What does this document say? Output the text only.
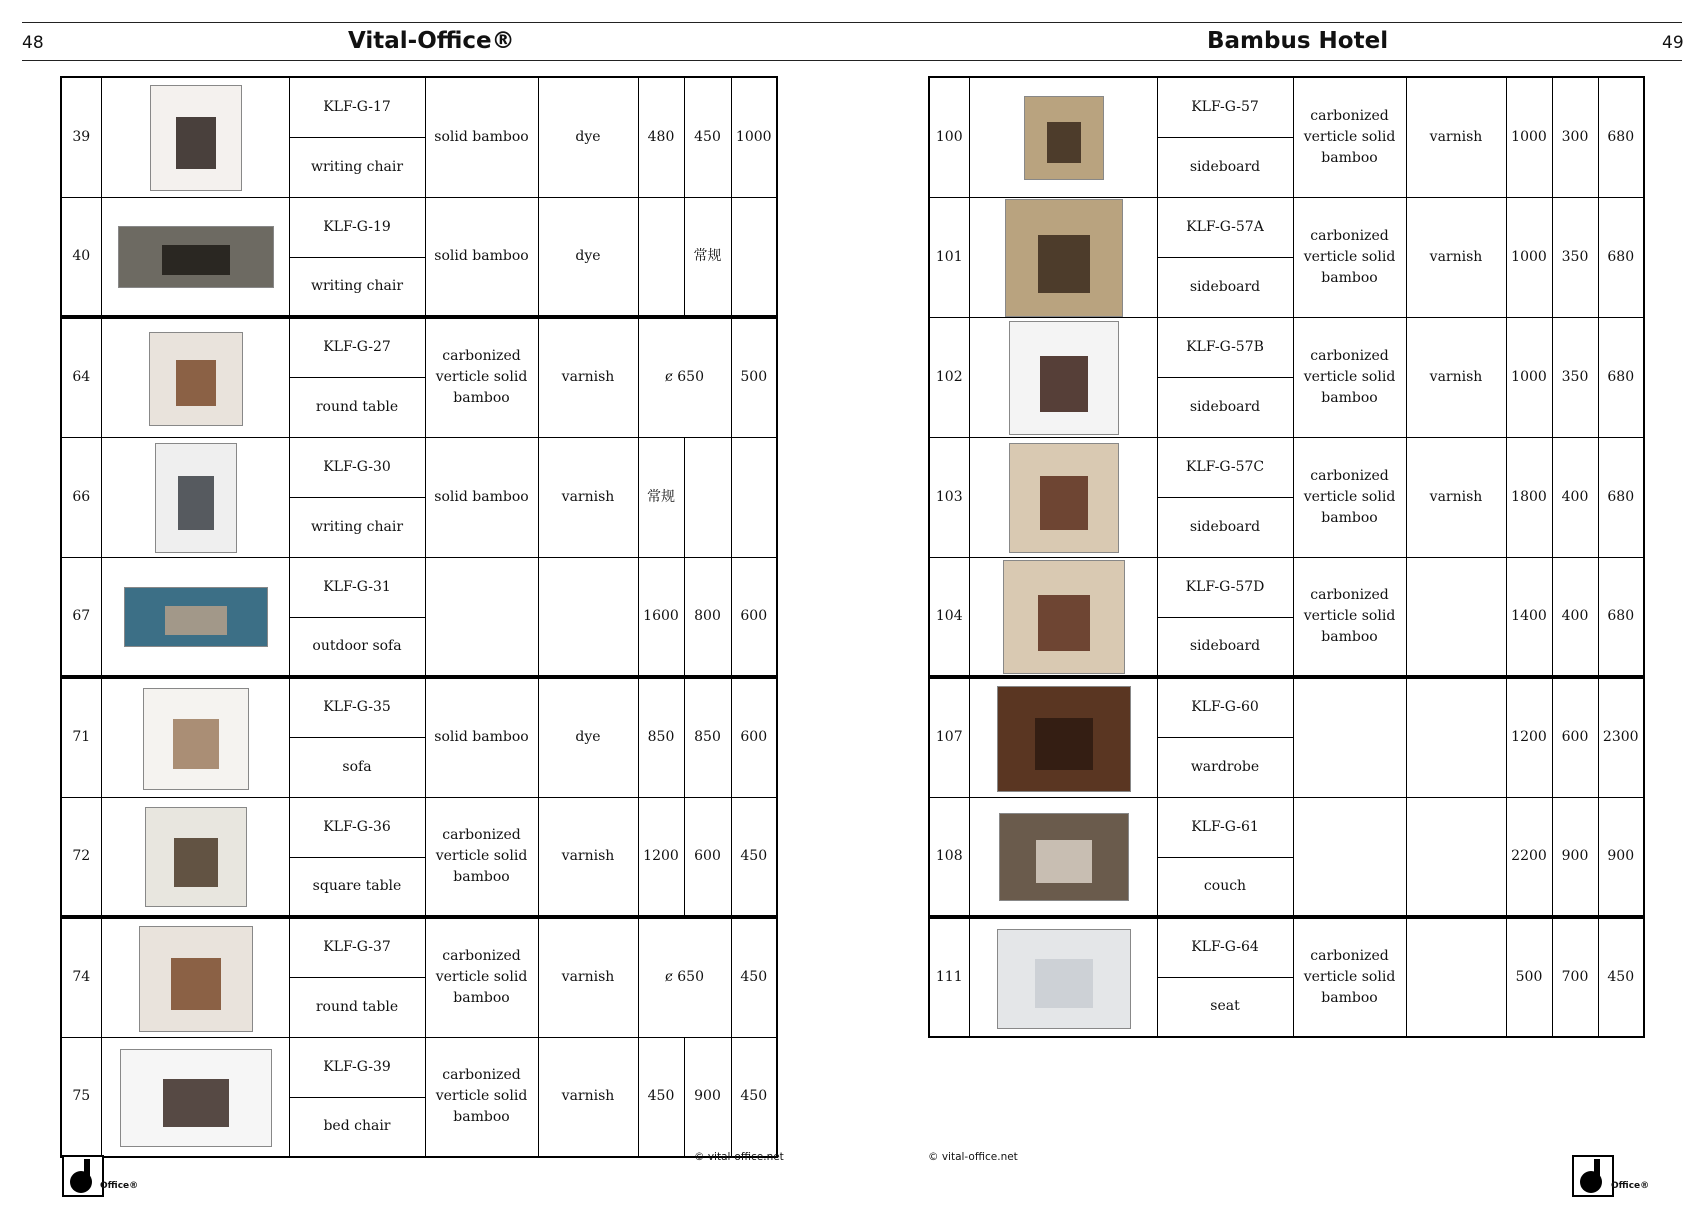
48	Vital-Office®	Bambus Hotel	49
39		KLF-G-17	solid bamboo	dye	480	450	1000
		writing chair					
40		KLF-G-19	solid bamboo	dye		常规	
		writing chair					
64		KLF-G-27	carbonized verticle solid bamboo	varnish	ȼ 650		500
		round table					
66		KLF-G-30	solid bamboo	varnish	常规		
		writing chair					
67		KLF-G-31			1600	800	600
		outdoor sofa					
71		KLF-G-35	solid bamboo	dye	850	850	600
		sofa					
72		KLF-G-36	carbonized verticle solid bamboo	varnish	1200	600	450
		square table					
74		KLF-G-37	carbonized verticle solid bamboo	varnish	ȼ 650		450
		round table					
75		KLF-G-39	carbonized verticle solid bamboo	varnish	450	900	450
		bed chair					
100		KLF-G-57	carbonized verticle solid bamboo	varnish	1000	300	680
		sideboard					
101		KLF-G-57A	carbonized verticle solid bamboo	varnish	1000	350	680
		sideboard					
102		KLF-G-57B	carbonized verticle solid bamboo	varnish	1000	350	680
		sideboard					
103		KLF-G-57C	carbonized verticle solid bamboo	varnish	1800	400	680
		sideboard					
104		KLF-G-57D	carbonized verticle solid bamboo		1400	400	680
		sideboard					
107		KLF-G-60			1200	600	2300
		wardrobe					
108		KLF-G-61			2200	900	900
		couch					
111		KLF-G-64	carbonized verticle solid bamboo		500	700	450
		seat					
© vital-office.net	© vital-office.net
Office®	Office®
